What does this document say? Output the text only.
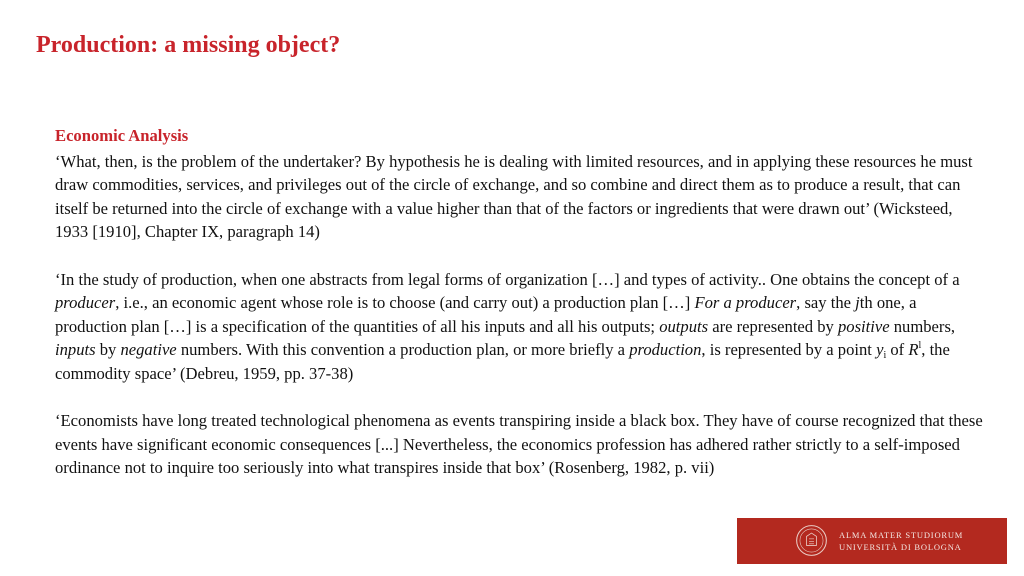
Production: a missing object?

Economic Analysis

‘What, then, is the problem of the undertaker? By hypothesis he is dealing with limited resources, and in applying these resources he must draw commodities, services, and privileges out of the circle of exchange, and so combine and direct them as to produce a result, that can itself be returned into the circle of exchange with a value higher than that of the factors or ingredients that were drawn out’ (Wicksteed, 1933 [1910], Chapter IX, paragraph 14)

‘In the study of production, when one abstracts from legal forms of organization […] and types of activity.. One obtains the concept of a producer, i.e., an economic agent whose role is to choose (and carry out) a production plan […] For a producer, say the jth one, a production plan […] is a specification of the quantities of all his inputs and all his outputs; outputs are represented by positive numbers, inputs by negative numbers. With this convention a production plan, or more briefly a production, is represented by a point $y_i$ of $R^l$, the commodity space’ (Debreu, 1959, pp. 37-38)

‘Economists have long treated technological phenomena as events transpiring inside a black box. They have of course recognized that these events have significant economic consequences [...] Nevertheless, the economics profession has adhered rather strictly to a self-imposed ordinance not to inquire too seriously into what transpires inside that box’ (Rosenberg, 1982, p. vii)

ALMA MATER STUDIORUM
UNIVERSITÀ DI BOLOGNA
